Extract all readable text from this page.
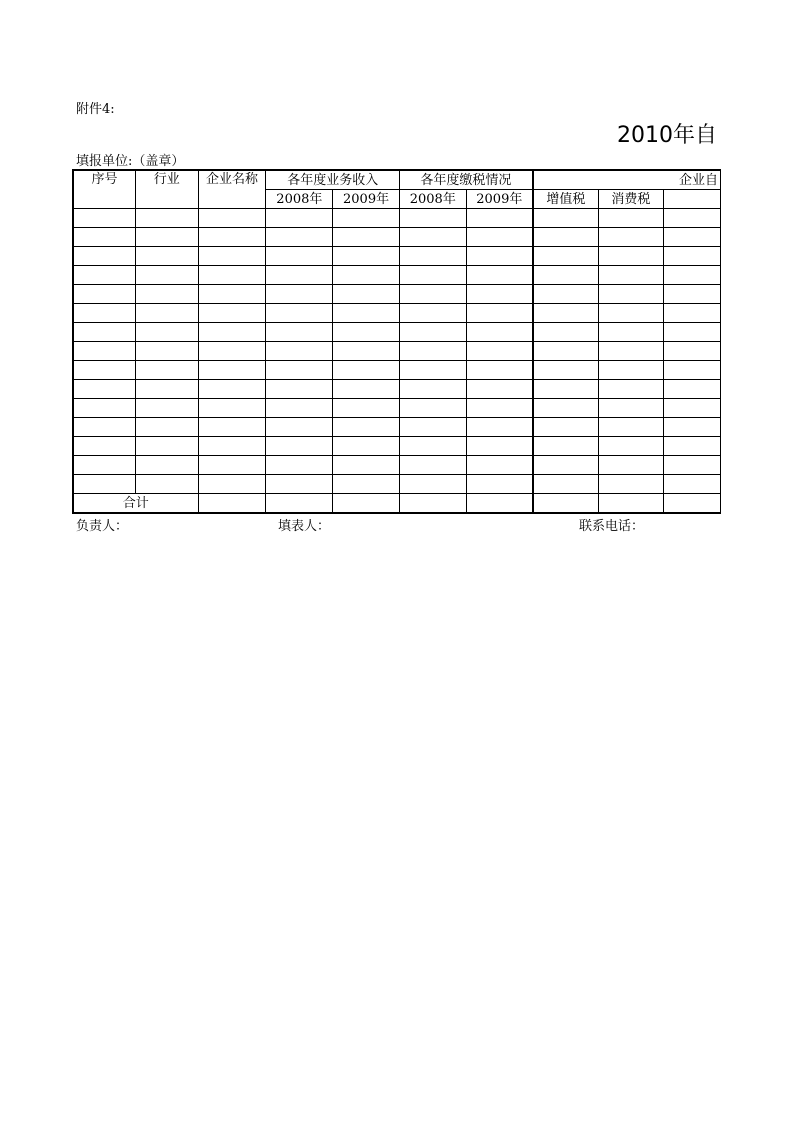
附件4:
2010年自
填报单位:（盖章）
序号	行业	企业名称	各年度业务收入		各年度缴税情况		企业自		
			2008年	2009年	2008年	2009年	增值税	消费税	

合计									
负责人：	填表人：	联系电话：
